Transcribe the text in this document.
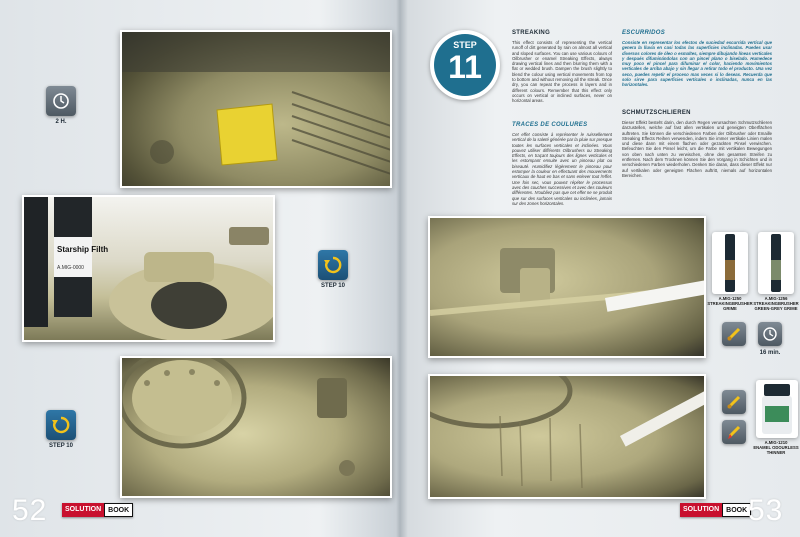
2 H.
Starship Filth
A.MIG-0000
STEP 10
STEP 10
52	SOLUTION	BOOK
STEP
11
STREAKING
This effect consists of representing the vertical runoff of dirt generated by rain on almost all vertical and sloped surfaces. You can use various colours of Oilbrusher or enamel Streaking Effects, always drawing vertical lines and then blurring them with a flat or wedded brush. Dampen the brush slightly to blend the colour using vertical movements from top to bottom and without removing all the streak. Once dry, you can repeat the process in layers and in different colours. Remember that this effect only occurs on vertical or inclined surfaces, never on horizontal areas.
TRACES DE COULURES
Cet effet consiste à représenter le ruissellement vertical de la saleté générée par la pluie sur presque toutes les surfaces verticales et inclinées. Vous pouvez utiliser différents Oilbrushers ou Streaking Effects, en traçant toujours des lignes verticales et les estompant ensuite avec un pinceau plat ou biseauté. Humidifiez légèrement le pinceau pour estomper la couleur en effectuant des mouvements verticaux de haut en bas et sans enlever tout l'effet. Une fois sec, vous pouvez répéter le processus avec des couches successives et avec des couleurs différentes. N'oubliez pas que cet effet ne se produit que sur des surfaces verticales ou inclinées, jamais sur des zones horizontales.
ESCURRIDOS
Consiste en representar los efectos de suciedad escurrida vertical que genera la lluvia en casi todas las superficies inclinadas. Puedes usar diversos colores de óleo o esmaltes, siempre dibujando líneas verticales y después difuminándolas con un pincel plano o biselado. Humedece muy poco el pincel para difuminar el color, haciendo movimientos verticales de arriba abajo y sin llegar a retirar todo el producto. Una vez seco, puedes repetir el proceso mas veces si lo deseas. Recuerda que solo sirve para superficies verticales o inclinadas, nunca en las horizontales.
SCHMUTZSCHLIEREN
Dieser Effekt besteht darin, den durch Regen verursachten Schmutzschlieren darzustellen, welche auf fast allen vertikalen und geneigten Oberflächen auftreten. Sie können die verschiedenen Farben der Oilbrusher oder Emaille Streaking Effects Reihen verwenden, indem Sie immer vertikale Linien malen und diese dann mit einem flachen oder gezackten Pinsel verwischen. Befeuchten Sie den Pinsel leicht, um die Farbe mit vertikalen Bewegungen von oben nach unten zu verwischen, ohne den gesamten Streifen zu entfernen. Nach dem Trocknen können Sie den Vorgang in Schichten und in verschiedenen Farben wiederholen. Denken Sie daran, dass dieser Effekt nur auf vertikalen oder geneigten Flächen auftritt, niemals auf horizontalen Bereichen.
A.MIG-1250
STREAKINGBRUSHER
GRIME
A.MIG-1256
STREAKINGBRUSHER
GREEN-GREY GRIME
16 min.
A.MIG-1210
ENAMEL ODOURLESS
THINNER
SOLUTION	BOOK 53
